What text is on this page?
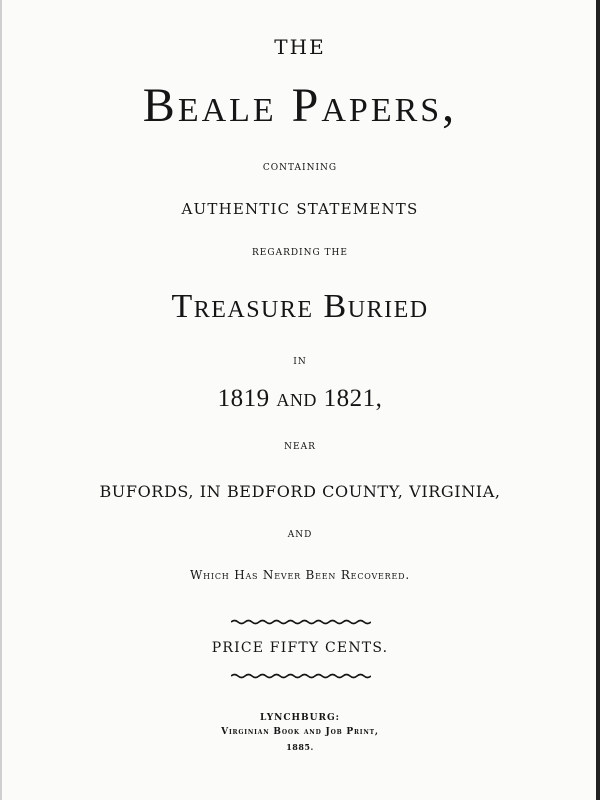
THE
Beale Papers,
CONTAINING
AUTHENTIC STATEMENTS
REGARDING THE
Treasure Buried
IN
1819 and 1821,
NEAR
BUFORDS, IN BEDFORD COUNTY, VIRGINIA,
AND
Which Has Never Been Recovered.
PRICE FIFTY CENTS.
LYNCHBURG:
Virginian Book and Job Print,
1885.
